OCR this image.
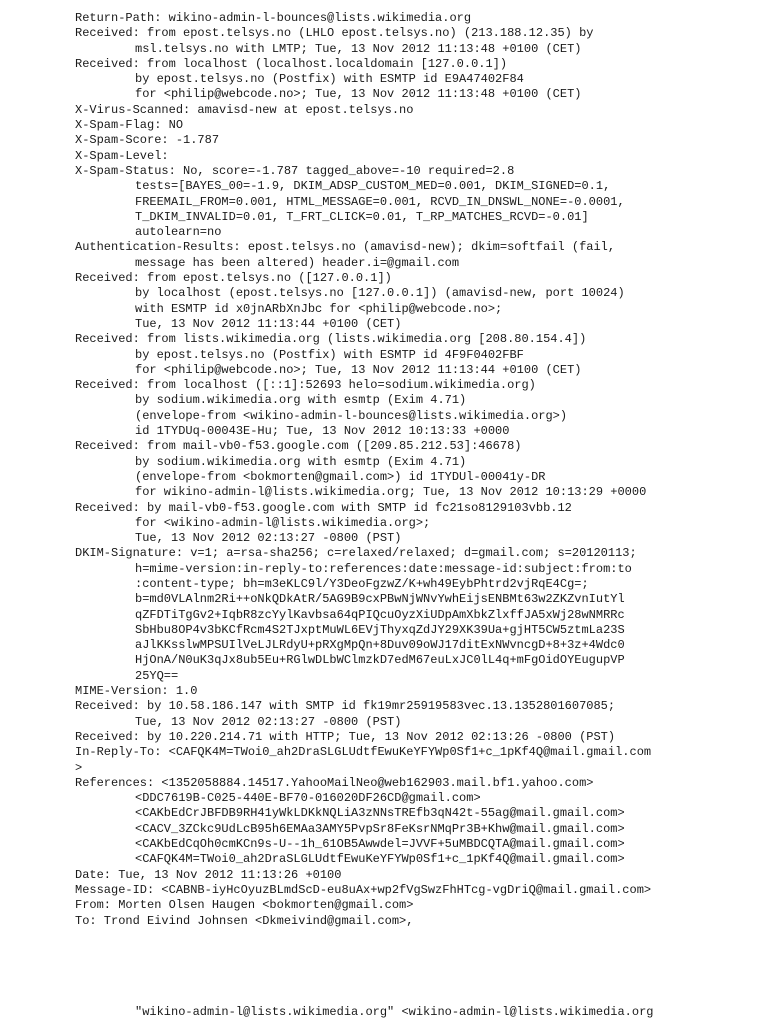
Return-Path: wikino-admin-l-bounces@lists.wikimedia.org
Received: from epost.telsys.no (LHLO epost.telsys.no) (213.188.12.35) by
msl.telsys.no with LMTP; Tue, 13 Nov 2012 11:13:48 +0100 (CET)
Received: from localhost (localhost.localdomain [127.0.0.1])
by epost.telsys.no (Postfix) with ESMTP id E9A47402F84
for <philip@webcode.no>; Tue, 13 Nov 2012 11:13:48 +0100 (CET)
X-Virus-Scanned: amavisd-new at epost.telsys.no
X-Spam-Flag: NO
X-Spam-Score: -1.787
X-Spam-Level:
X-Spam-Status: No, score=-1.787 tagged_above=-10 required=2.8
tests=[BAYES_00=-1.9, DKIM_ADSP_CUSTOM_MED=0.001, DKIM_SIGNED=0.1,
FREEMAIL_FROM=0.001, HTML_MESSAGE=0.001, RCVD_IN_DNSWL_NONE=-0.0001,
T_DKIM_INVALID=0.01, T_FRT_CLICK=0.01, T_RP_MATCHES_RCVD=-0.01]
autolearn=no
Authentication-Results: epost.telsys.no (amavisd-new); dkim=softfail (fail,
message has been altered) header.i=@gmail.com
Received: from epost.telsys.no ([127.0.0.1])
by localhost (epost.telsys.no [127.0.0.1]) (amavisd-new, port 10024)
with ESMTP id x0jnARbXnJbc for <philip@webcode.no>;
Tue, 13 Nov 2012 11:13:44 +0100 (CET)
Received: from lists.wikimedia.org (lists.wikimedia.org [208.80.154.4])
by epost.telsys.no (Postfix) with ESMTP id 4F9F0402FBF
for <philip@webcode.no>; Tue, 13 Nov 2012 11:13:44 +0100 (CET)
Received: from localhost ([::1]:52693 helo=sodium.wikimedia.org)
by sodium.wikimedia.org with esmtp (Exim 4.71)
(envelope-from <wikino-admin-l-bounces@lists.wikimedia.org>)
id 1TYDUq-00043E-Hu; Tue, 13 Nov 2012 10:13:33 +0000
Received: from mail-vb0-f53.google.com ([209.85.212.53]:46678)
by sodium.wikimedia.org with esmtp (Exim 4.71)
(envelope-from <bokmorten@gmail.com>) id 1TYDUl-00041y-DR
for wikino-admin-l@lists.wikimedia.org; Tue, 13 Nov 2012 10:13:29 +0000
Received: by mail-vb0-f53.google.com with SMTP id fc21so8129103vbb.12
for <wikino-admin-l@lists.wikimedia.org>;
Tue, 13 Nov 2012 02:13:27 -0800 (PST)
DKIM-Signature: v=1; a=rsa-sha256; c=relaxed/relaxed; d=gmail.com; s=20120113;
h=mime-version:in-reply-to:references:date:message-id:subject:from:to
:content-type; bh=m3eKLC9l/Y3DeoFgzwZ/K+wh49EybPhtrd2vjRqE4Cg=;
b=md0VLAlnm2Ri++oNkQDkAtR/5AG9B9cxPBwNjWNvYwhEijsENBMt63w2ZKZvnIutYl
qZFDTiTgGv2+IqbR8zcYylKavbsa64qPIQcuOyzXiUDpAmXbkZlxffJA5xWj28wNMRRc
SbHbu8OP4v3bKCfRcm4S2TJxptMuWL6EVjThyxqZdJY29XK39Ua+gjHT5CW5ztmLa23S
aJlKKsslwMPSUIlVeLJLRdyU+pRXgMpQn+8Duv09oWJ17ditExNWvncgD+8+3z+4Wdc0
HjOnA/N0uK3qJx8ub5Eu+RGlwDLbWClmzkD7edM67euLxJC0lL4q+mFgOidOYEugupVP
25YQ==
MIME-Version: 1.0
Received: by 10.58.186.147 with SMTP id fk19mr25919583vec.13.1352801607085;
Tue, 13 Nov 2012 02:13:27 -0800 (PST)
Received: by 10.220.214.71 with HTTP; Tue, 13 Nov 2012 02:13:26 -0800 (PST)
In-Reply-To: <CAFQK4M=TWoi0_ah2DraSLGLUdtfEwuKeYFYWp0Sf1+c_1pKf4Q@mail.gmail.com
>
References: <1352058884.14517.YahooMailNeo@web162903.mail.bf1.yahoo.com>
<DDC7619B-C025-440E-BF70-016020DF26CD@gmail.com>
<CAKbEdCrJBFDB9RH41yWkLDKkNQLiA3zNNsTREfb3qN42t-55ag@mail.gmail.com>
<CACV_3ZCkc9UdLcB95h6EMAa3AMY5PvpSr8FeKsrNMqPr3B+Khw@mail.gmail.com>
<CAKbEdCqOh0cmKCn9s-U--1h_61OB5Awwdel=JVVF+5uMBDCQTA@mail.gmail.com>
<CAFQK4M=TWoi0_ah2DraSLGLUdtfEwuKeYFYWp0Sf1+c_1pKf4Q@mail.gmail.com>
Date: Tue, 13 Nov 2012 11:13:26 +0100
Message-ID: <CABNB-iyHcOyuzBLmdScD-eu8uAx+wp2fVgSwzFhHTcg-vgDriQ@mail.gmail.com>
From: Morten Olsen Haugen <bokmorten@gmail.com>
To: Trond Eivind Johnsen <Dkmeivind@gmail.com>,
"wikino-admin-l@lists.wikimedia.org" <wikino-admin-l@lists.wikimedia.org
